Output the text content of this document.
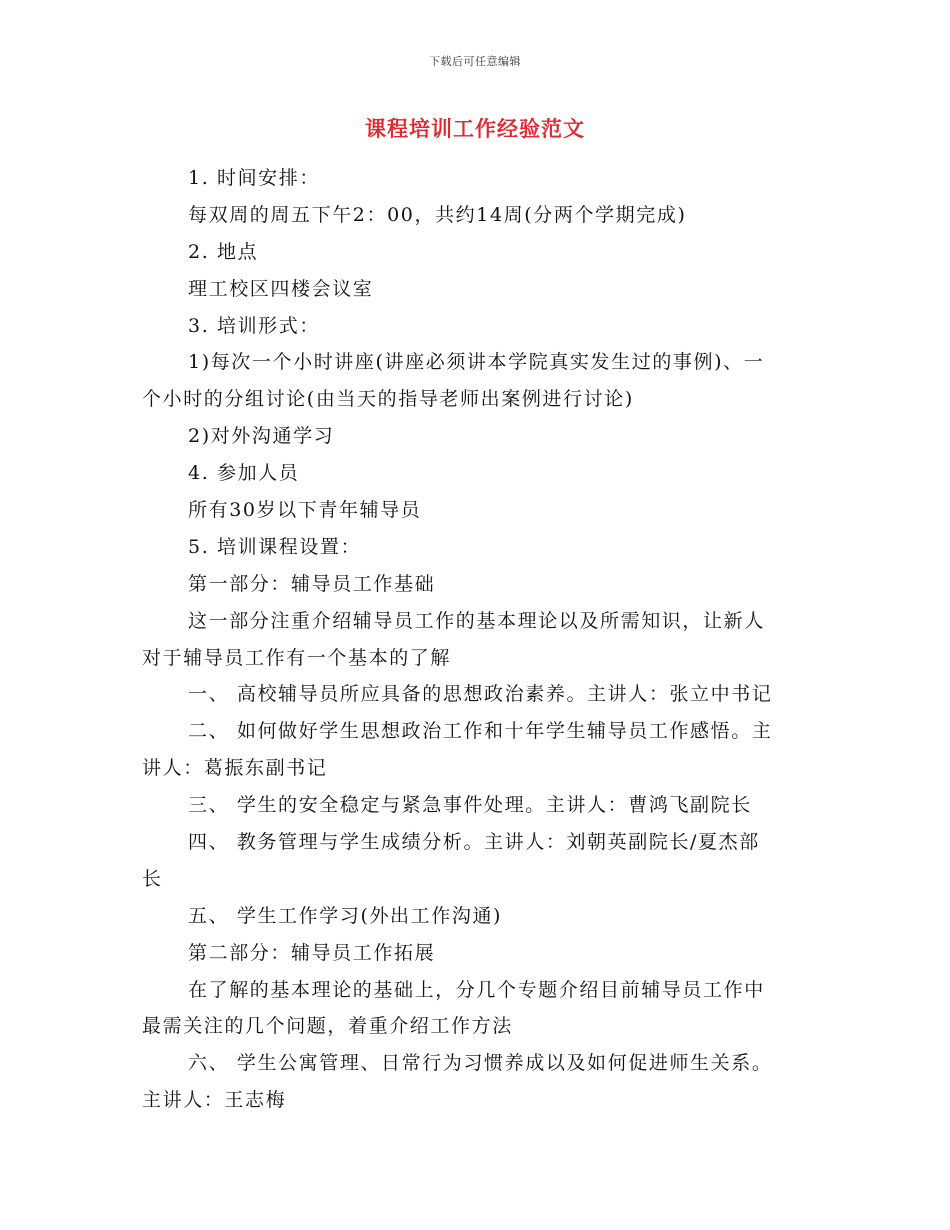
下载后可任意编辑
课程培训工作经验范文
1. 时间安排：
每双周的周五下午2：00，共约14周(分两个学期完成)
2. 地点
理工校区四楼会议室
3. 培训形式：
1)每次一个小时讲座(讲座必须讲本学院真实发生过的事例)、一
个小时的分组讨论(由当天的指导老师出案例进行讨论)
2)对外沟通学习
4. 参加人员
所有30岁以下青年辅导员
5. 培训课程设置：
第一部分：辅导员工作基础
这一部分注重介绍辅导员工作的基本理论以及所需知识，让新人
对于辅导员工作有一个基本的了解
一、 高校辅导员所应具备的思想政治素养。主讲人：张立中书记
二、 如何做好学生思想政治工作和十年学生辅导员工作感悟。主
讲人：葛振东副书记
三、 学生的安全稳定与紧急事件处理。主讲人：曹鸿飞副院长
四、 教务管理与学生成绩分析。主讲人：刘朝英副院长/夏杰部
长
五、 学生工作学习(外出工作沟通)
第二部分：辅导员工作拓展
在了解的基本理论的基础上，分几个专题介绍目前辅导员工作中
最需关注的几个问题，着重介绍工作方法
六、 学生公寓管理、日常行为习惯养成以及如何促进师生关系。
主讲人：王志梅
